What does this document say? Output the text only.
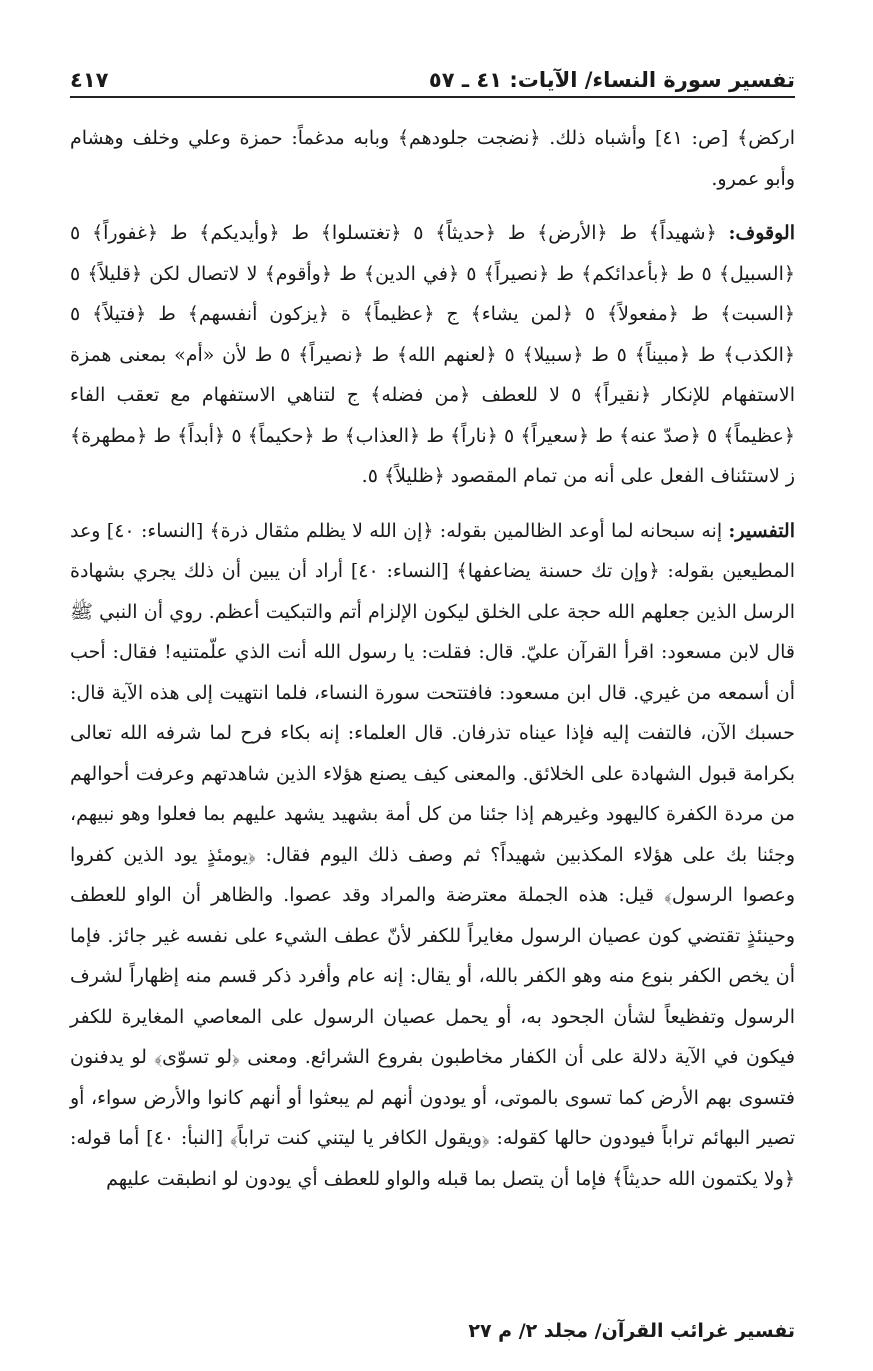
تفسير سورة النساء/ الآيات: ٤١ ـ ٥٧
٤١٧

اركض﴾ [ص: ٤١] وأشباه ذلك. ﴿نضجت جلودهم﴾ وبابه مدغماً: حمزة وعلي وخلف وهشام وأبو عمرو.

الوقوف: ﴿شهيداً﴾ ط ﴿الأرض﴾ ط ﴿حديثاً﴾ ٥ ﴿تغتسلوا﴾ ط ﴿وأيديكم﴾ ط ﴿غفوراً﴾ ٥ ﴿السبيل﴾ ٥ ط ﴿بأعدائكم﴾ ط ﴿نصيراً﴾ ٥ ﴿في الدين﴾ ط ﴿وأقوم﴾ لا لاتصال لكن ﴿قليلاً﴾ ٥ ﴿السبت﴾ ط ﴿مفعولاً﴾ ٥ ﴿لمن يشاء﴾ ج ﴿عظيماً﴾ ة ﴿يزكون أنفسهم﴾ ط ﴿فتيلاً﴾ ٥ ﴿الكذب﴾ ط ﴿مبيناً﴾ ٥ ط ﴿سبيلا﴾ ٥ ﴿لعنهم الله﴾ ط ﴿نصيراً﴾ ٥ ط لأن «أم» بمعنى همزة الاستفهام للإنكار ﴿نقيراً﴾ ٥ لا للعطف ﴿من فضله﴾ ج لتناهي الاستفهام مع تعقب الفاء ﴿عظيماً﴾ ٥ ﴿صدّ عنه﴾ ط ﴿سعيراً﴾ ٥ ﴿ناراً﴾ ط ﴿العذاب﴾ ط ﴿حكيماً﴾ ٥ ﴿أبداً﴾ ط ﴿مطهرة﴾ ز لاستئناف الفعل على أنه من تمام المقصود ﴿ظليلاً﴾ ٥.

التفسير: إنه سبحانه لما أوعد الظالمين بقوله: ﴿إن الله لا يظلم مثقال ذرة﴾ [النساء: ٤٠] وعد المطيعين بقوله: ﴿وإن تك حسنة يضاعفها﴾ [النساء: ٤٠] أراد أن يبين أن ذلك يجري بشهادة الرسل الذين جعلهم الله حجة على الخلق ليكون الإلزام أتم والتبكيت أعظم. روي أن النبي ﷺ قال لابن مسعود: اقرأ القرآن عليّ. قال: فقلت: يا رسول الله أنت الذي علّمتنيه! فقال: أحب أن أسمعه من غيري. قال ابن مسعود: فافتتحت سورة النساء، فلما انتهيت إلى هذه الآية قال: حسبك الآن، فالتفت إليه فإذا عيناه تذرفان. قال العلماء: إنه بكاء فرح لما شرفه الله تعالى بكرامة قبول الشهادة على الخلائق. والمعنى كيف يصنع هؤلاء الذين شاهدتهم وعرفت أحوالهم من مردة الكفرة كاليهود وغيرهم إذا جئنا من كل أمة بشهيد يشهد عليهم بما فعلوا وهو نبيهم، وجئنا بك على هؤلاء المكذبين شهيداً؟ ثم وصف ذلك اليوم فقال: ﴿يومئذٍ يود الذين كفروا وعصوا الرسول﴾ قيل: هذه الجملة معترضة والمراد وقد عصوا. والظاهر أن الواو للعطف وحينئذٍ تقتضي كون عصيان الرسول مغايراً للكفر لأنّ عطف الشيء على نفسه غير جائز. فإما أن يخص الكفر بنوع منه وهو الكفر بالله، أو يقال: إنه عام وأفرد ذكر قسم منه إظهاراً لشرف الرسول وتفظيعاً لشأن الجحود به، أو يحمل عصيان الرسول على المعاصي المغايرة للكفر فيكون في الآية دلالة على أن الكفار مخاطبون بفروع الشرائع. ومعنى ﴿لو تسوّى﴾ لو يدفنون فتسوى بهم الأرض كما تسوى بالموتى، أو يودون أنهم لم يبعثوا أو أنهم كانوا والأرض سواء، أو تصير البهائم تراباً فيودون حالها كقوله: ﴿ويقول الكافر يا ليتني كنت تراباً﴾ [النبأ: ٤٠] أما قوله: ﴿ولا يكتمون الله حديثاً﴾ فإما أن يتصل بما قبله والواو للعطف أي يودون لو انطبقت عليهم

تفسير غرائب القرآن/ مجلد ٢/ م ٢٧
